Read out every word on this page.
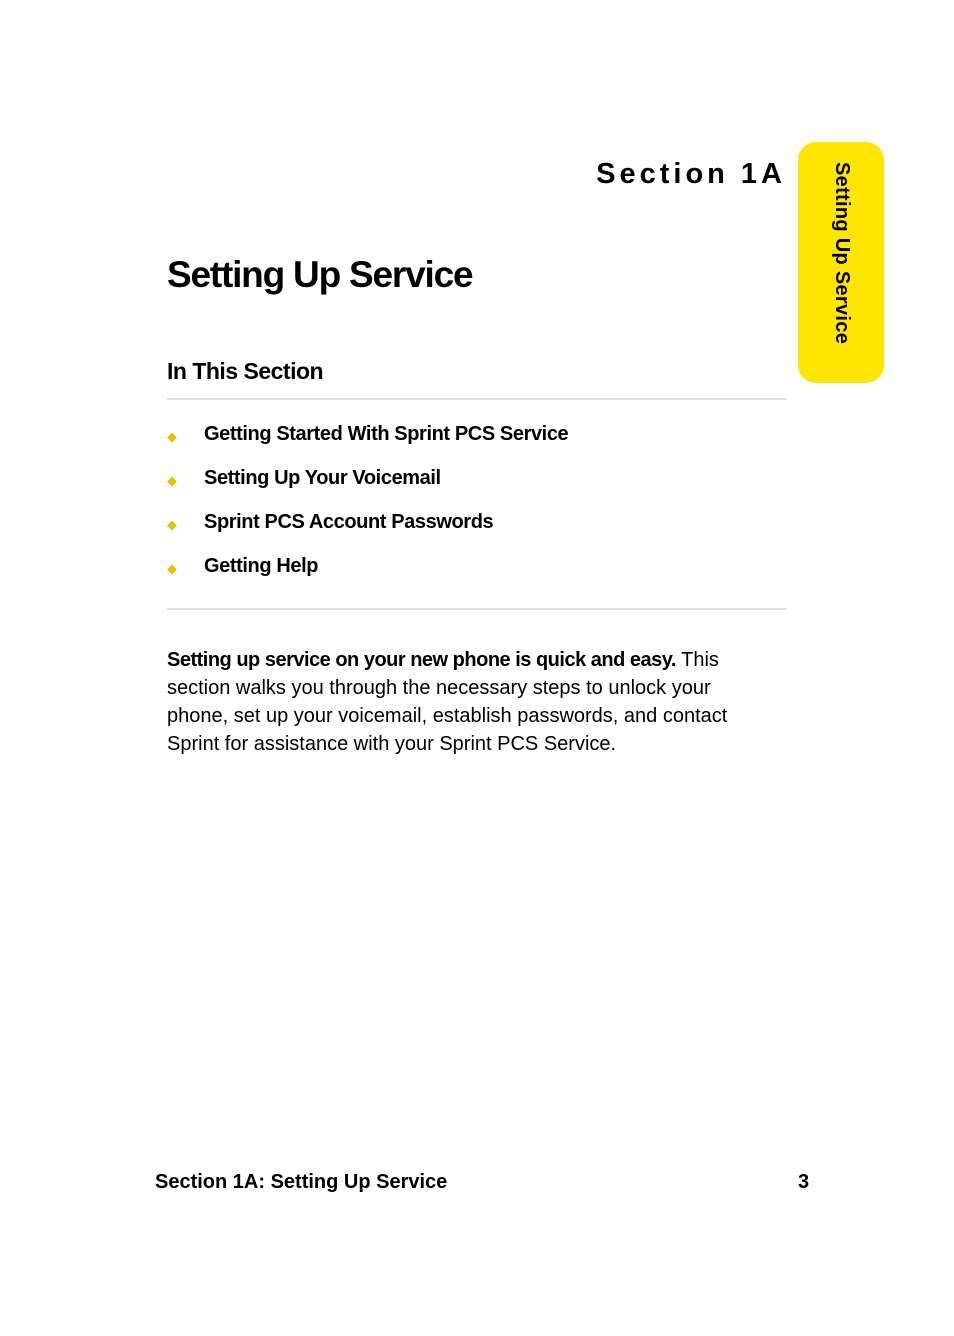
Section 1A Setting Up Service
Setting Up Service
In This Section
◆ Getting Started With Sprint PCS Service
◆ Setting Up Your Voicemail
◆ Sprint PCS Account Passwords
◆ Getting Help

Setting up service on your new phone is quick and easy. This section walks you through the necessary steps to unlock your phone, set up your voicemail, establish passwords, and contact Sprint for assistance with your Sprint PCS Service.

Section 1A: Setting Up Service	3
